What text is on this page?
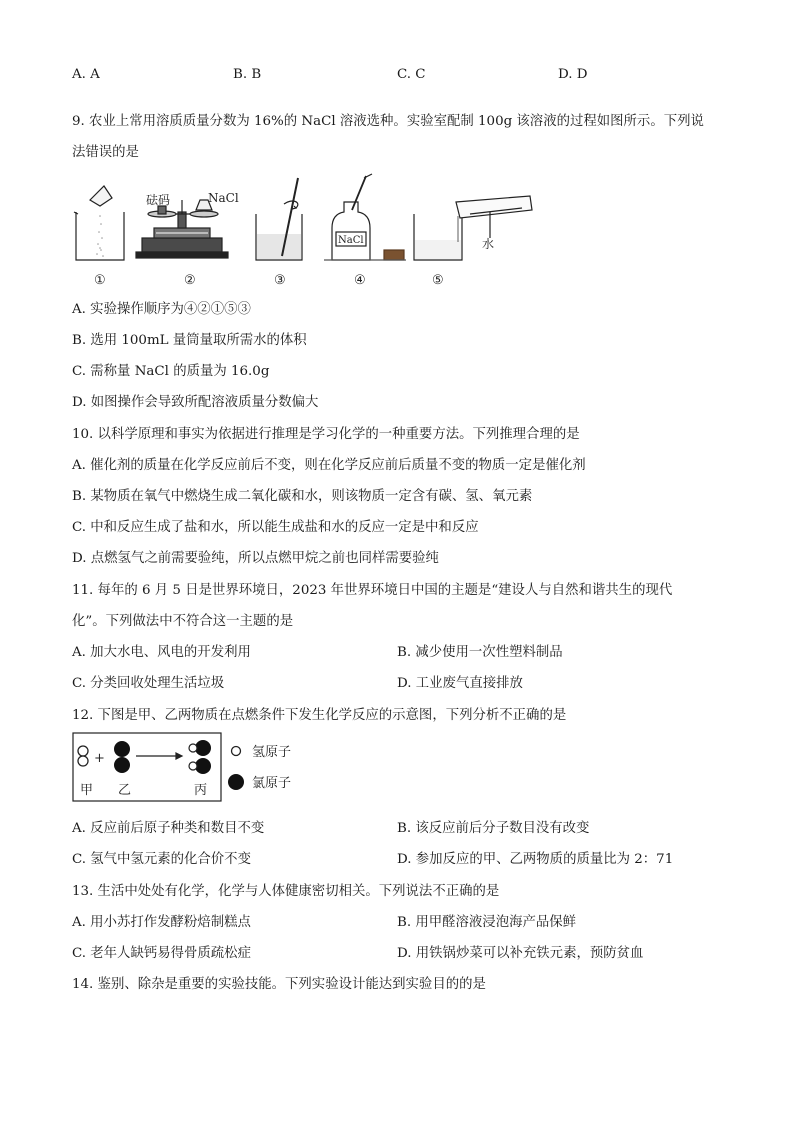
A. A	B. B	C. C	D. D
9. 农业上常用溶质质量分数为 16%的 NaCl 溶液选种。实验室配制 100g 该溶液的过程如图所示。下列说
法错误的是
砝码	NaCl
NaCl	水
①	②	③	④	⑤
A. 实验操作顺序为④②①⑤③
B. 选用 100mL 量筒量取所需水的体积
C. 需称量 NaCl 的质量为 16.0g
D. 如图操作会导致所配溶液质量分数偏大
10. 以科学原理和事实为依据进行推理是学习化学的一种重要方法。下列推理合理的是
A. 催化剂的质量在化学反应前后不变，则在化学反应前后质量不变的物质一定是催化剂
B. 某物质在氧气中燃烧生成二氧化碳和水，则该物质一定含有碳、氢、氧元素
C. 中和反应生成了盐和水，所以能生成盐和水的反应一定是中和反应
D. 点燃氢气之前需要验纯，所以点燃甲烷之前也同样需要验纯
11. 每年的 6 月 5 日是世界环境日，2023 年世界环境日中国的主题是“建设人与自然和谐共生的现代
化”。下列做法中不符合这一主题的是
A. 加大水电、风电的开发利用	B. 减少使用一次性塑料制品
C. 分类回收处理生活垃圾	D. 工业废气直接排放
12. 下图是甲、乙两物质在点燃条件下发生化学反应的示意图，下列分析不正确的是
+
甲 乙	丙
氢原子
氯原子
A. 反应前后原子种类和数目不变	B. 该反应前后分子数目没有改变
C. 氢气中氢元素的化合价不变	D. 参加反应的甲、乙两物质的质量比为 2：71
13. 生活中处处有化学，化学与人体健康密切相关。下列说法不正确的是
A. 用小苏打作发酵粉焙制糕点	B. 用甲醛溶液浸泡海产品保鲜
C. 老年人缺钙易得骨质疏松症	D. 用铁锅炒菜可以补充铁元素，预防贫血
14. 鉴别、除杂是重要的实验技能。下列实验设计能达到实验目的的是
